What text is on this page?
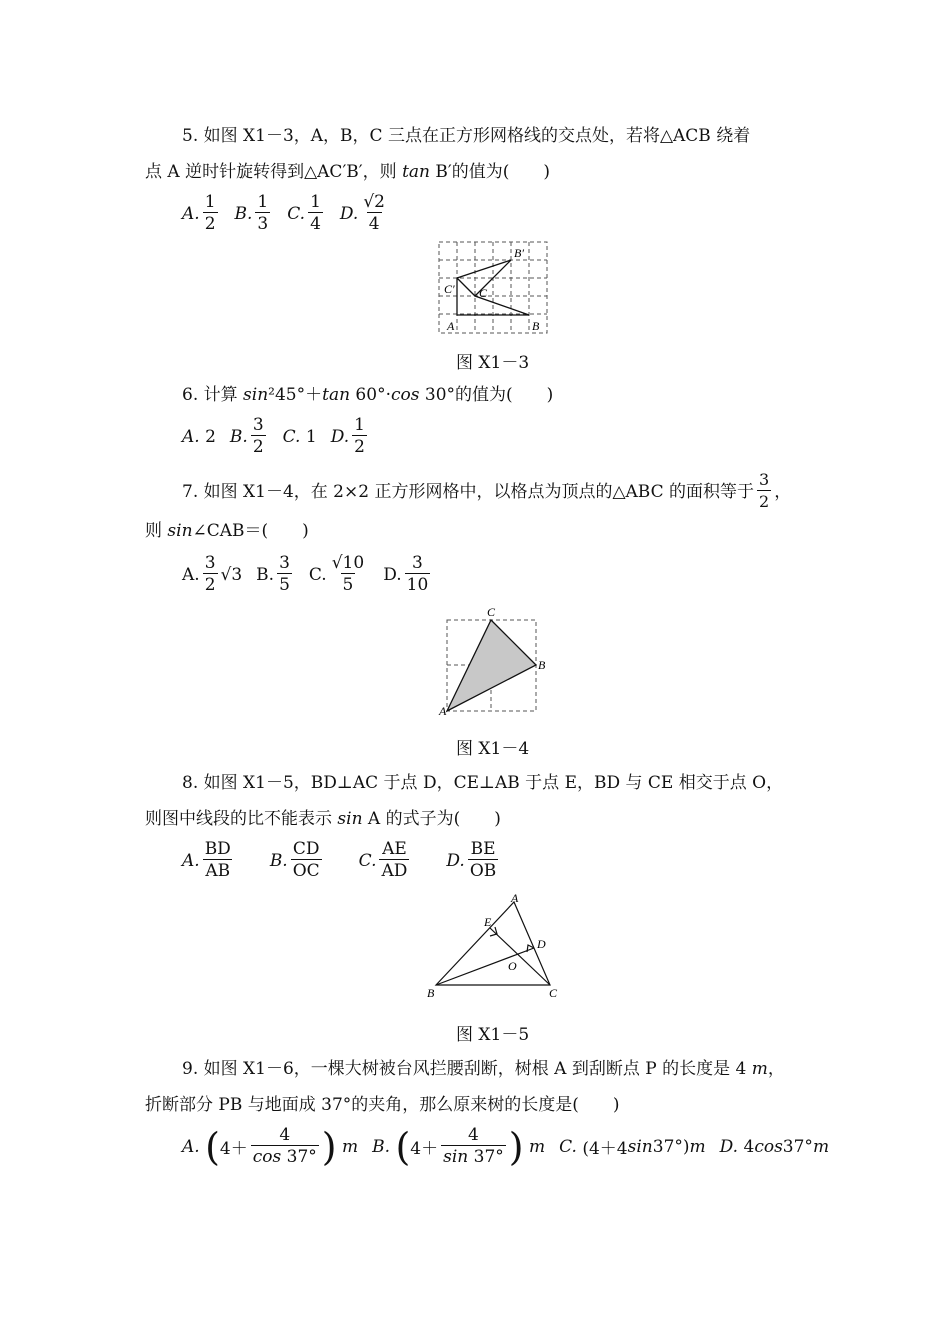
5. 如图 X1－3，A，B，C 三点在正方形网格线的交点处，若将△ACB 绕着
点 A 逆时针旋转得到△AC′B′，则 tan B′的值为(　　)
A. $\frac{1}{2} B$. $\frac{1}{3} C$. $\frac{1}{4} D$. $\frac{√2}{4}$
B′
C′ C
A	B
图 X1－3
6. 计算 sin²45°＋tan 60°·cos 30°的值为(　　)
A.
2 B. $\frac{3}{2} C$.
1 D. $\frac{1}{2}$
7. 如图 X1－4，在 2×2 正方形网格中，以格点为顶点的△ABC 的面积等于 $\frac{3}{2}$ ，
则 sin∠CAB＝(　　)
A. $\frac{3}{2} √3$ B. $\frac{3}{5} C$. $\frac{√10}{5} D$. $\frac{3}{10}$
C
B
A
图 X1－4
8. 如图 X1－5，BD⊥AC 于点 D，CE⊥AB 于点 E，BD 与 CE 相交于点 O，
则图中线段的比不能表示 sin A 的式子为(　　)
A. $\frac{BD}{AB} B$. $\frac{CD}{OC} C$. $\frac{AE}{AD} D$. $\frac{BE}{OB}$
A
E
D
O
B	C
图 X1－5
9. 如图 X1－6，一棵大树被台风拦腰刮断，树根 A 到刮断点 P 的长度是 4 m，
折断部分 PB 与地面成 37°的夹角，那么原来树的长度是(　　)
A.
( $4+ \frac{4}{\cos 37^\circ}$ )
m B.
( $4+ \frac{4}{\sin 37^\circ}$ )
m C.
(4＋4 sin 37°) m D.
4 cos 37° m
